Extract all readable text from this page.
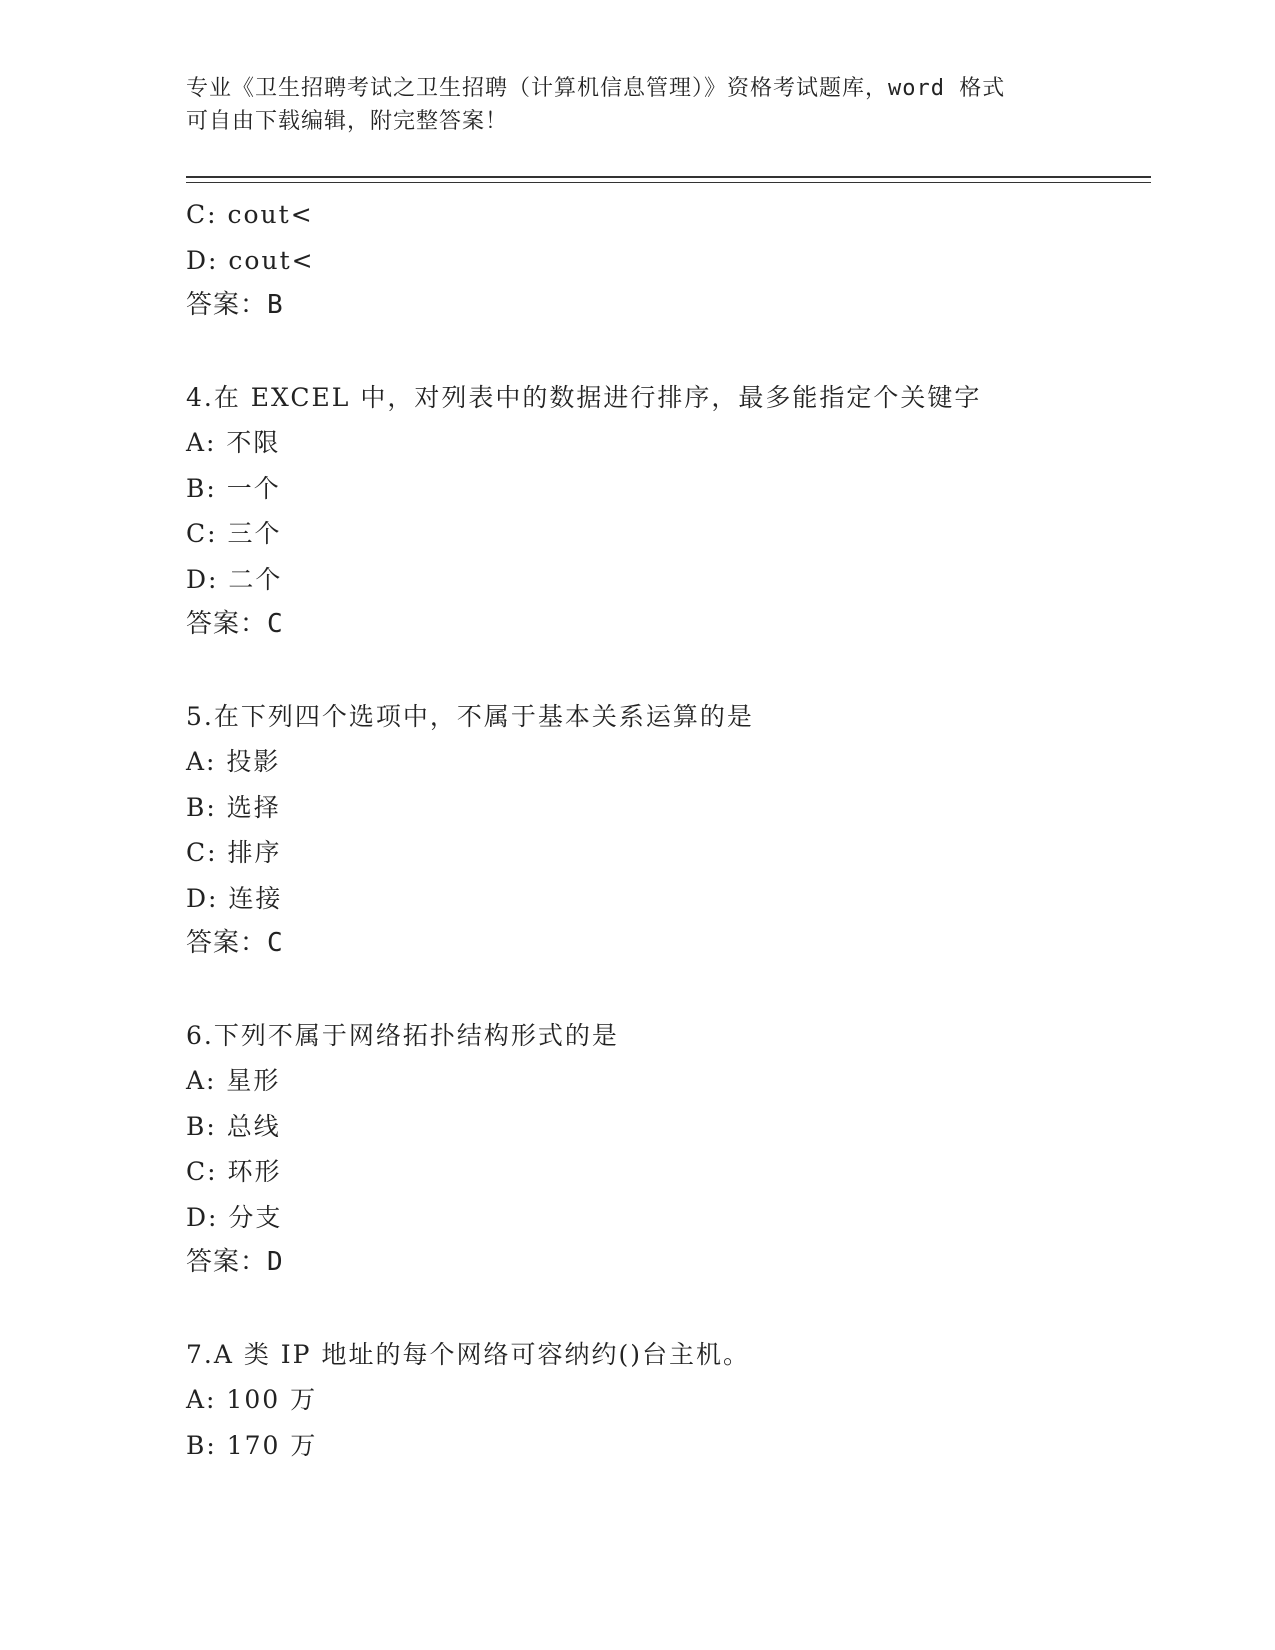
专业《卫生招聘考试之卫生招聘（计算机信息管理）》资格考试题库，word 格式
可自由下载编辑，附完整答案！
C: cout<
D: cout<
答案：B
4.在 EXCEL 中，对列表中的数据进行排序，最多能指定个关键字
A: 不限
B: 一个
C: 三个
D: 二个
答案：C
5.在下列四个选项中，不属于基本关系运算的是
A: 投影
B: 选择
C: 排序
D: 连接
答案：C
6.下列不属于网络拓扑结构形式的是
A: 星形
B: 总线
C: 环形
D: 分支
答案：D
7.A 类 IP 地址的每个网络可容纳约()台主机。
A: 100 万
B: 170 万
